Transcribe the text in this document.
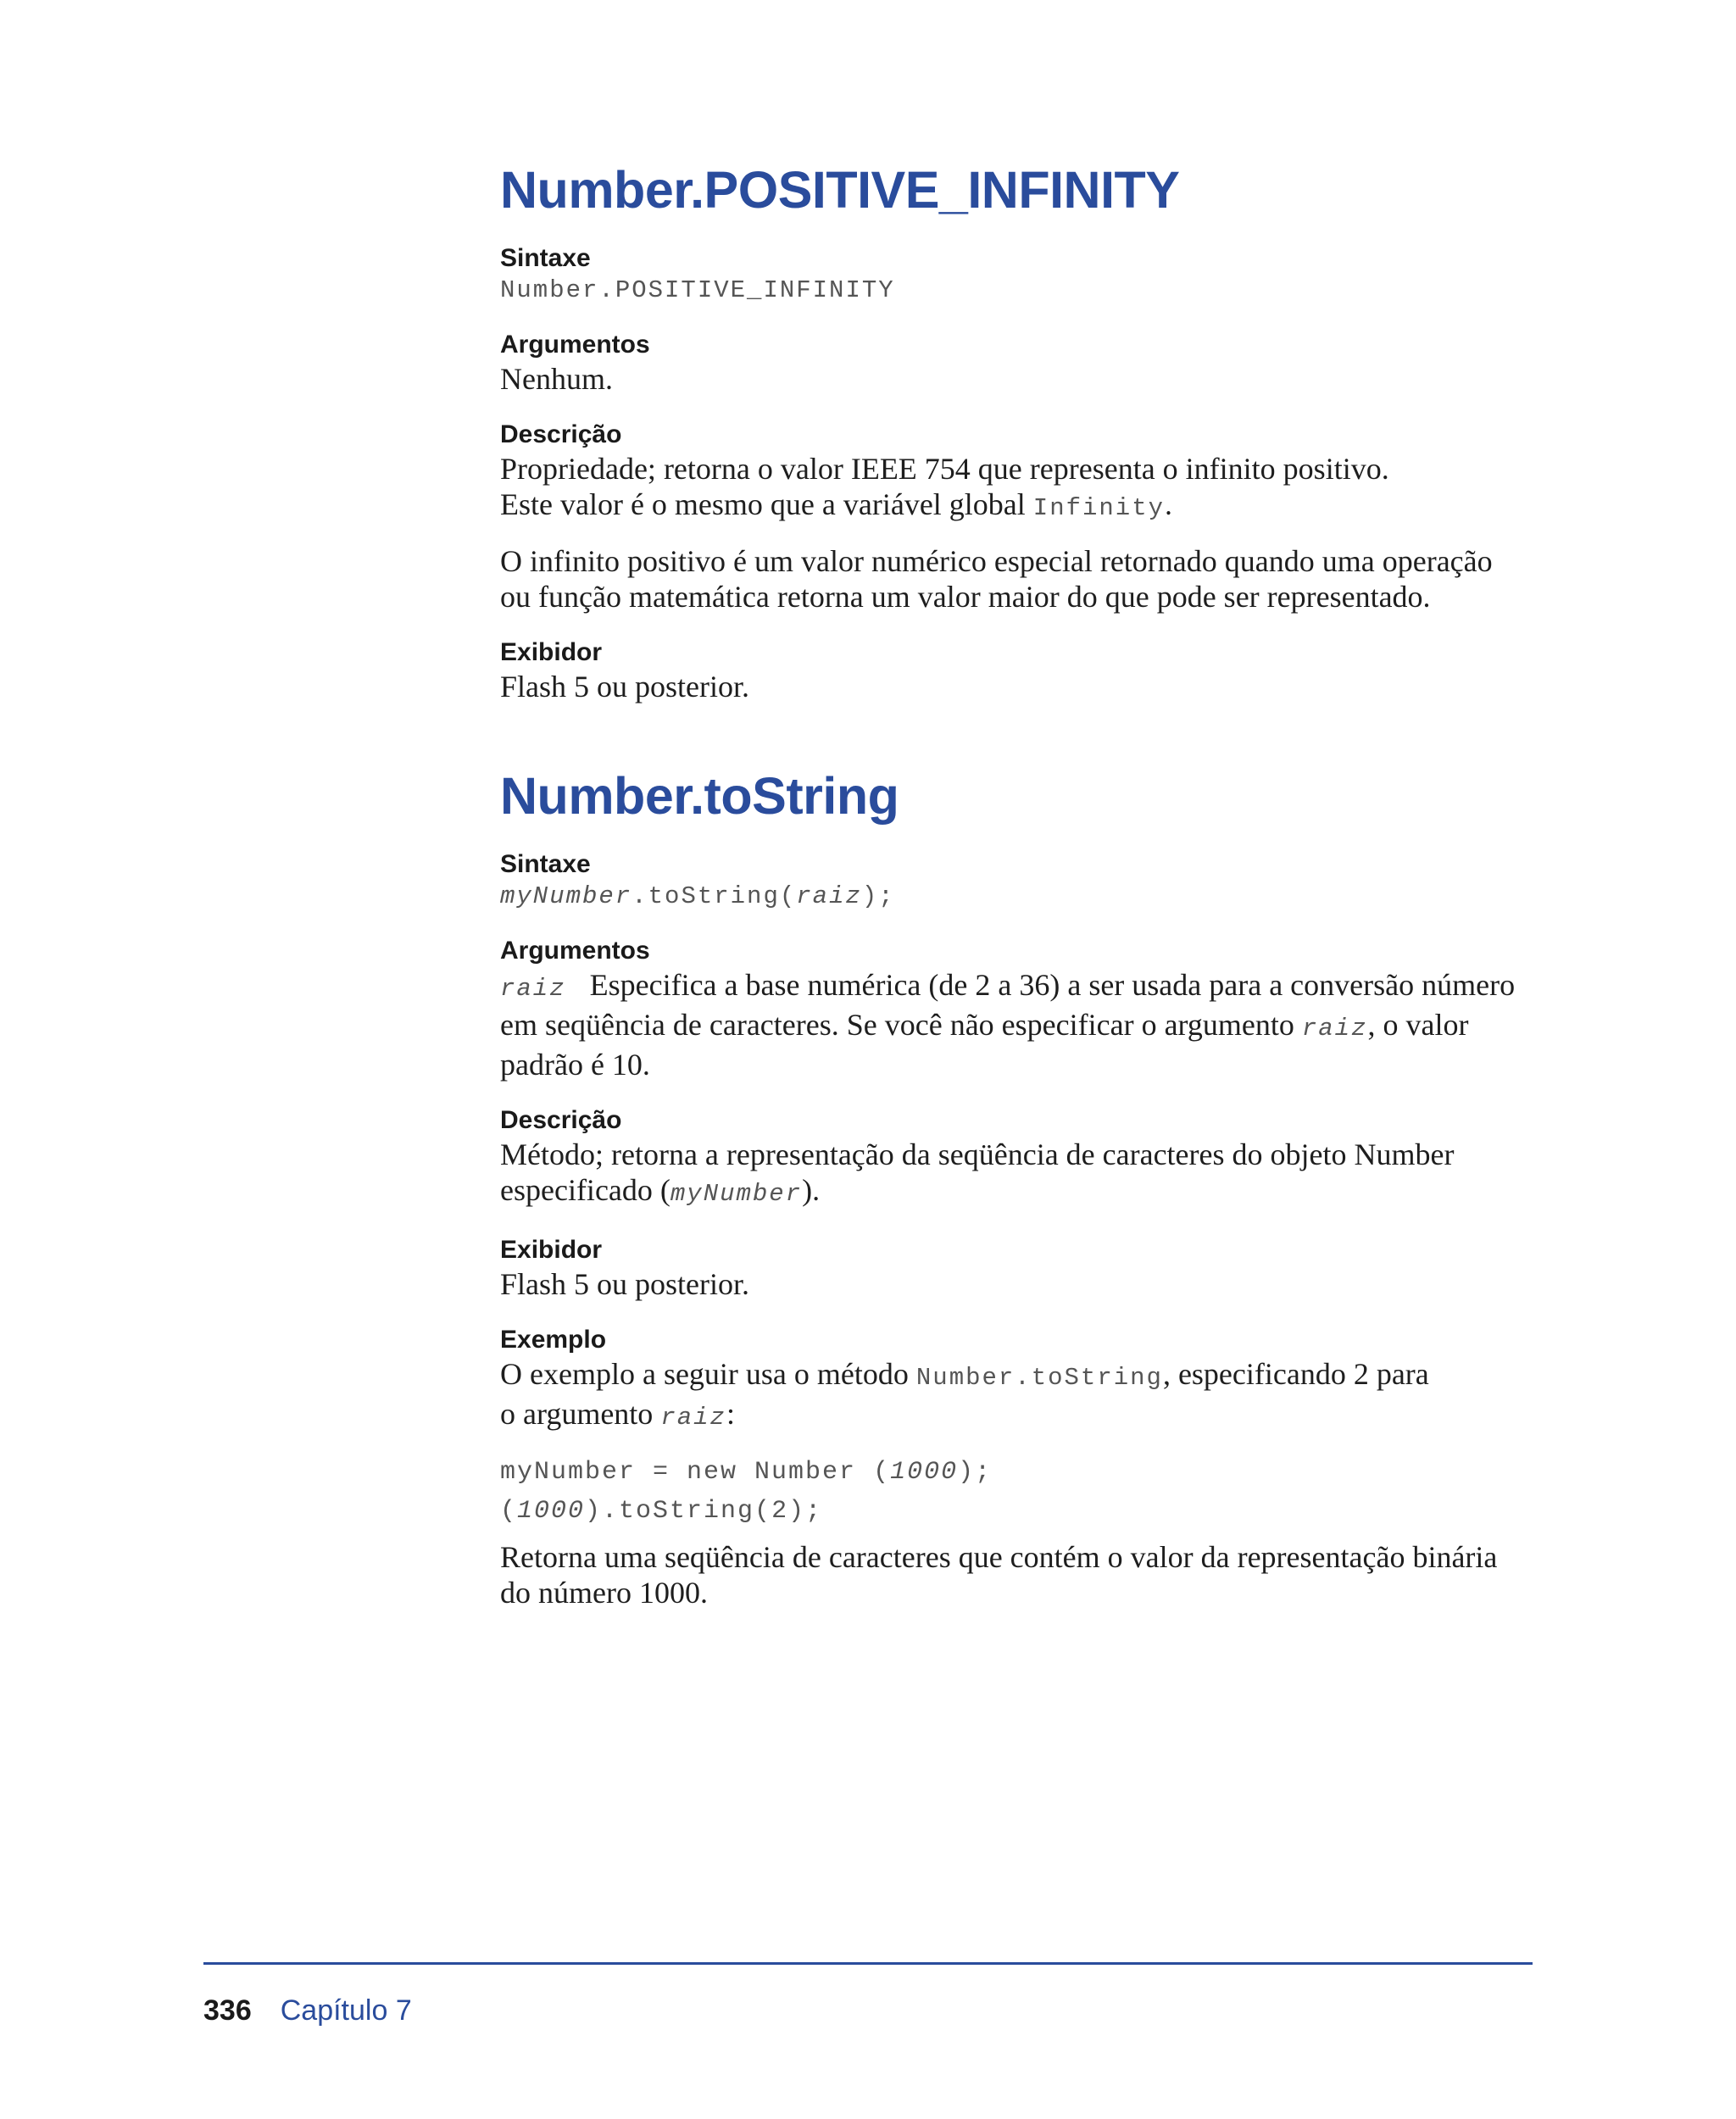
Number.POSITIVE_INFINITY
Sintaxe
Number.POSITIVE_INFINITY
Argumentos
Nenhum.
Descrição
Propriedade; retorna o valor IEEE 754 que representa o infinito positivo.
Este valor é o mesmo que a variável global Infinity.
O infinito positivo é um valor numérico especial retornado quando uma operação
ou função matemática retorna um valor maior do que pode ser representado.
Exibidor
Flash 5 ou posterior.
Number.toString
Sintaxe
myNumber.toString(raiz);
Argumentos
raiz Especifica a base numérica (de 2 a 36) a ser usada para a conversão número
em seqüência de caracteres. Se você não especificar o argumento raiz, o valor
padrão é 10.
Descrição
Método; retorna a representação da seqüência de caracteres do objeto Number
especificado (myNumber).
Exibidor
Flash 5 ou posterior.
Exemplo
O exemplo a seguir usa o método Number.toString, especificando 2 para
o argumento raiz:
myNumber = new Number (1000);
(1000).toString(2);
Retorna uma seqüência de caracteres que contém o valor da representação binária
do número 1000.
336 Capítulo 7
